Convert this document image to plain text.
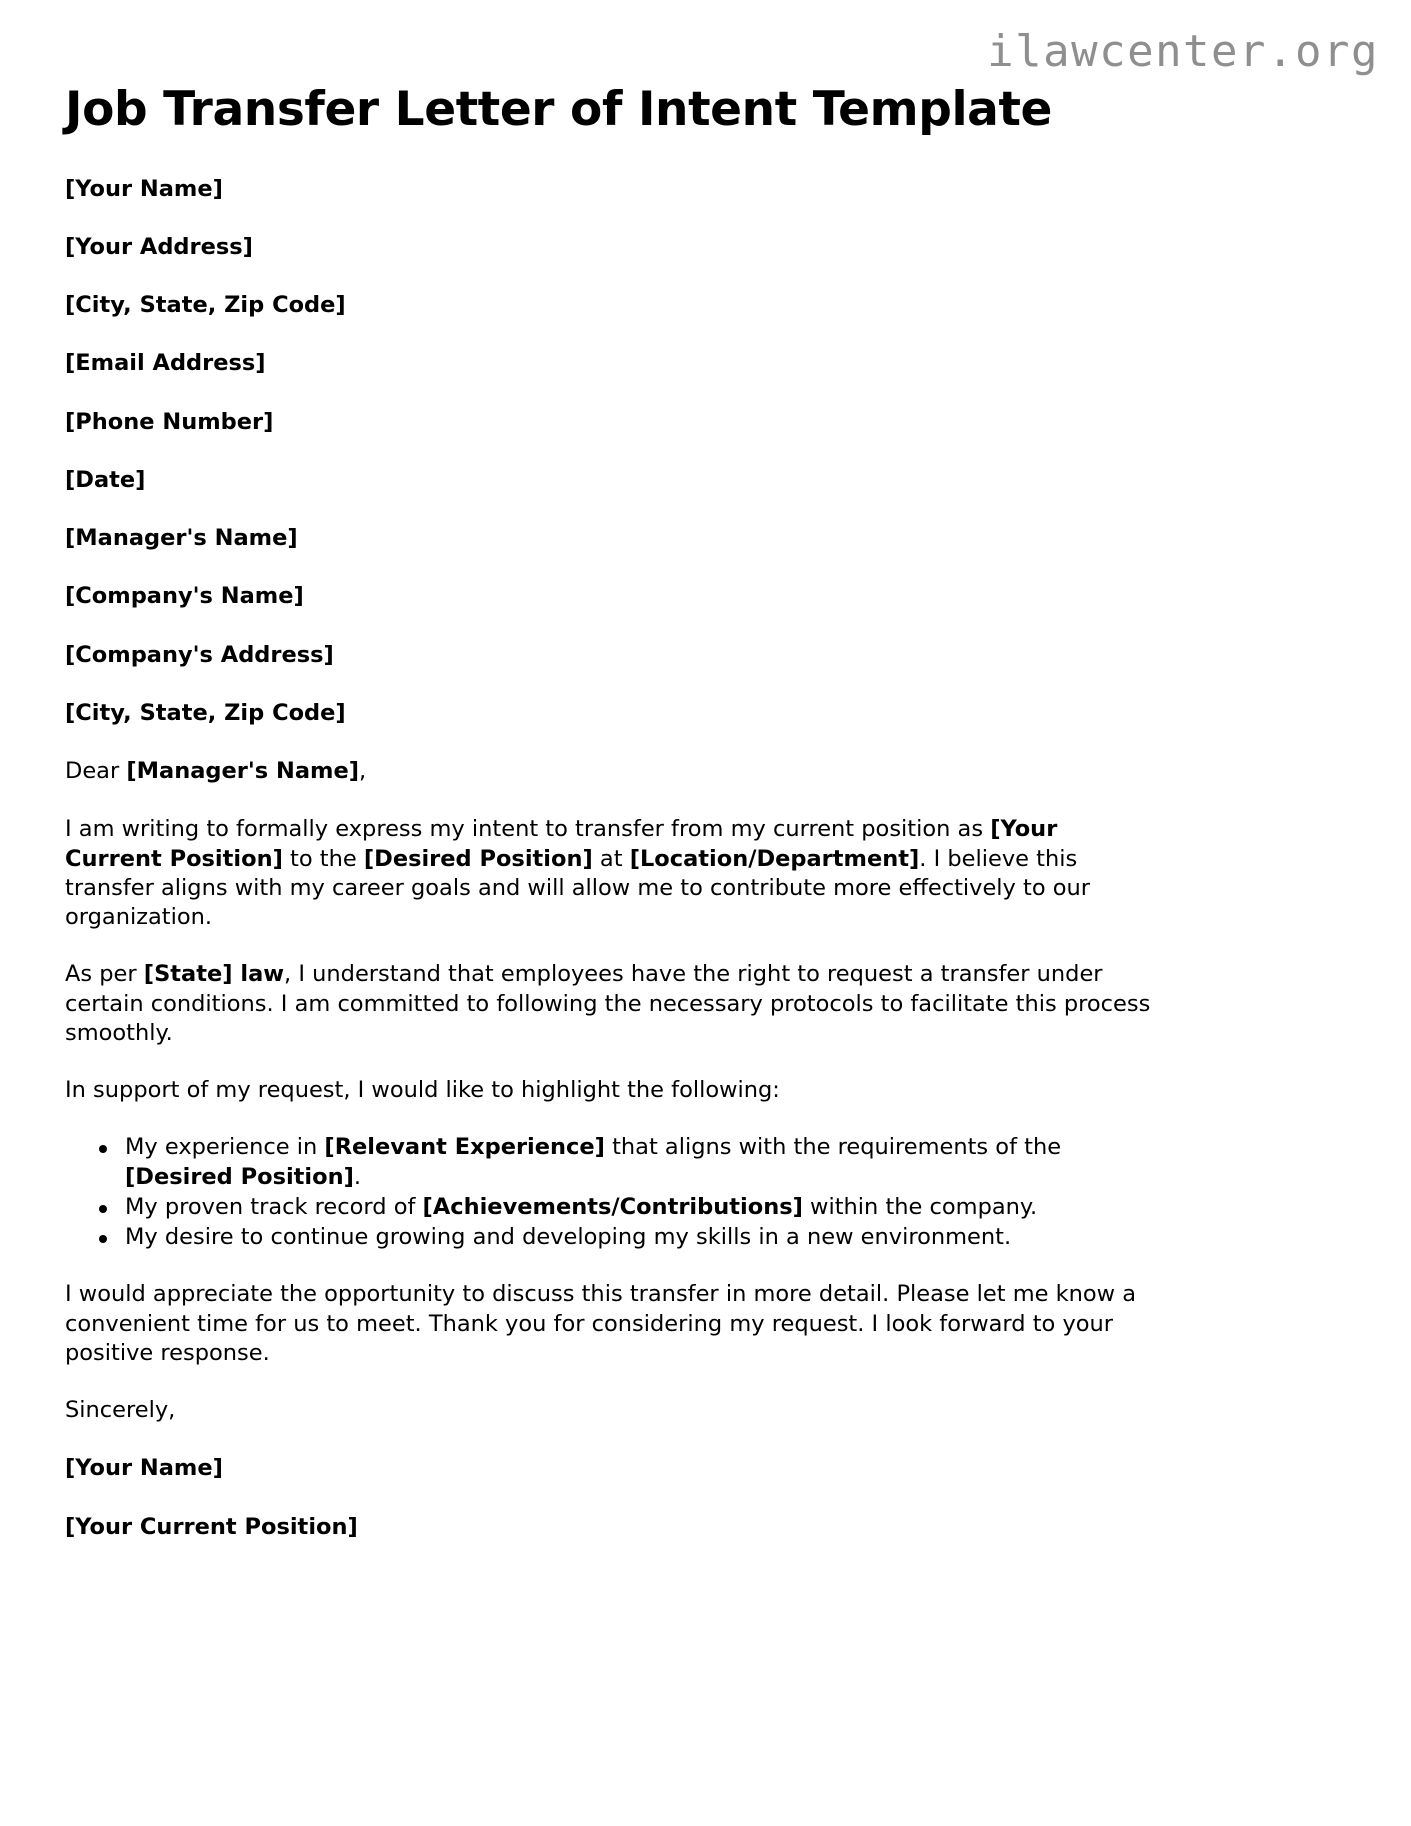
ilawcenter.org
Job Transfer Letter of Intent Template
[Your Name]
[Your Address]
[City, State, Zip Code]
[Email Address]
[Phone Number]
[Date]
[Manager's Name]
[Company's Name]
[Company's Address]
[City, State, Zip Code]
Dear [Manager's Name],

I am writing to formally express my intent to transfer from my current position as [Your Current Position] to the [Desired Position] at [Location/Department]. I believe this transfer aligns with my career goals and will allow me to contribute more effectively to our organization.

As per [State] law, I understand that employees have the right to request a transfer under certain conditions. I am committed to following the necessary protocols to facilitate this process smoothly.

In support of my request, I would like to highlight the following:

My experience in [Relevant Experience] that aligns with the requirements of the [Desired Position].
My proven track record of [Achievements/Contributions] within the company.
My desire to continue growing and developing my skills in a new environment.

I would appreciate the opportunity to discuss this transfer in more detail. Please let me know a convenient time for us to meet. Thank you for considering my request. I look forward to your positive response.

Sincerely,
[Your Name]
[Your Current Position]
